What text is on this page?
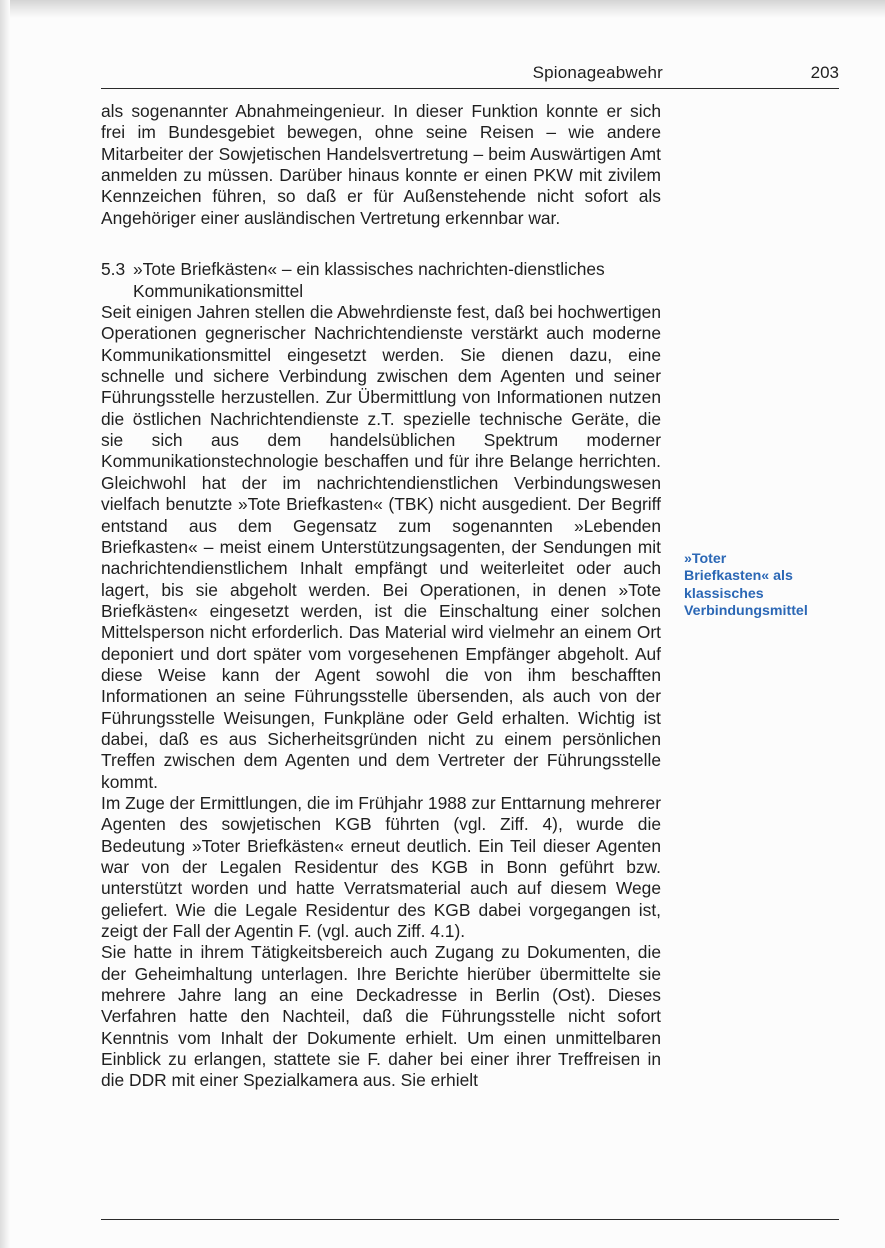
Spionageabwehr	203

als sogenannter Abnahmeingenieur. In dieser Funktion konnte er sich frei im Bundesgebiet bewegen, ohne seine Reisen – wie andere Mitarbeiter der Sowjetischen Handelsvertretung – beim Auswärtigen Amt anmelden zu müssen. Darüber hinaus konnte er einen PKW mit zivilem Kennzeichen führen, so daß er für Außenstehende nicht sofort als Angehöriger einer ausländischen Vertretung erkennbar war.

5.3 »Tote Briefkästen« – ein klassisches nachrichten-dienstliches Kommunikationsmittel

Seit einigen Jahren stellen die Abwehrdienste fest, daß bei hochwertigen Operationen gegnerischer Nachrichtendienste verstärkt auch moderne Kommunikationsmittel eingesetzt werden. Sie dienen dazu, eine schnelle und sichere Verbindung zwischen dem Agenten und seiner Führungsstelle herzustellen. Zur Übermittlung von Informationen nutzen die östlichen Nachrichtendienste z.T. spezielle technische Geräte, die sie sich aus dem handelsüblichen Spektrum moderner Kommunikationstechnologie beschaffen und für ihre Belange herrichten. Gleichwohl hat der im nachrichtendienstlichen Verbindungswesen vielfach benutzte »Tote Briefkasten« (TBK) nicht ausgedient. Der Begriff entstand aus dem Gegensatz zum sogenannten »Lebenden Briefkasten« – meist einem Unterstützungsagenten, der Sendungen mit nachrichtendienstlichem Inhalt empfängt und weiterleitet oder auch lagert, bis sie abgeholt werden. Bei Operationen, in denen »Tote Briefkästen« eingesetzt werden, ist die Einschaltung einer solchen Mittelsperson nicht erforderlich. Das Material wird vielmehr an einem Ort deponiert und dort später vom vorgesehenen Empfänger abgeholt. Auf diese Weise kann der Agent sowohl die von ihm beschafften Informationen an seine Führungsstelle übersenden, als auch von der Führungsstelle Weisungen, Funkpläne oder Geld erhalten. Wichtig ist dabei, daß es aus Sicherheitsgründen nicht zu einem persönlichen Treffen zwischen dem Agenten und dem Vertreter der Führungsstelle kommt.

Im Zuge der Ermittlungen, die im Frühjahr 1988 zur Enttarnung mehrerer Agenten des sowjetischen KGB führten (vgl. Ziff. 4), wurde die Bedeutung »Toter Briefkästen« erneut deutlich. Ein Teil dieser Agenten war von der Legalen Residentur des KGB in Bonn geführt bzw. unterstützt worden und hatte Verratsmaterial auch auf diesem Wege geliefert. Wie die Legale Residentur des KGB dabei vorgegangen ist, zeigt der Fall der Agentin F. (vgl. auch Ziff. 4.1).

Sie hatte in ihrem Tätigkeitsbereich auch Zugang zu Dokumenten, die der Geheimhaltung unterlagen. Ihre Berichte hierüber übermittelte sie mehrere Jahre lang an eine Deckadresse in Berlin (Ost). Dieses Verfahren hatte den Nachteil, daß die Führungsstelle nicht sofort Kenntnis vom Inhalt der Dokumente erhielt. Um einen unmittelbaren Einblick zu erlangen, stattete sie F. daher bei einer ihrer Treffreisen in die DDR mit einer Spezialkamera aus. Sie erhielt

»Toter
Briefkasten« als
klassisches
Verbindungsmittel
